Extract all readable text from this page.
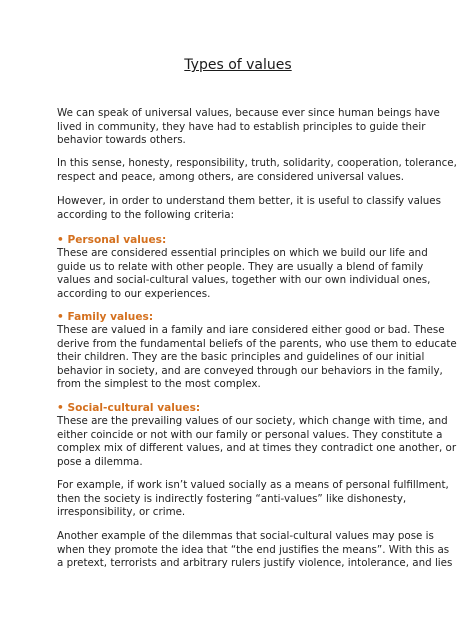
Types of values
We can speak of universal values, because ever since human beings have
lived in community, they have had to establish principles to guide their
behavior towards others.
In this sense, honesty, responsibility, truth, solidarity, cooperation, tolerance,
respect and peace, among others, are considered universal values.
However, in order to understand them better, it is useful to classify values
according to the following criteria:
• Personal values:
These are considered essential principles on which we build our life and
guide us to relate with other people. They are usually a blend of family
values and social-cultural values, together with our own individual ones,
according to our experiences.
• Family values:
These are valued in a family and iare considered either good or bad. These
derive from the fundamental beliefs of the parents, who use them to educate
their children. They are the basic principles and guidelines of our initial
behavior in society, and are conveyed through our behaviors in the family,
from the simplest to the most complex.
• Social-cultural values:
These are the prevailing values of our society, which change with time, and
either coincide or not with our family or personal values. They constitute a
complex mix of different values, and at times they contradict one another, or
pose a dilemma.
For example, if work isn’t valued socially as a means of personal fulfillment,
then the society is indirectly fostering “anti-values” like dishonesty,
irresponsibility, or crime.
Another example of the dilemmas that social-cultural values may pose is
when they promote the idea that “the end justifies the means”. With this as
a pretext, terrorists and arbitrary rulers justify violence, intolerance, and lies
